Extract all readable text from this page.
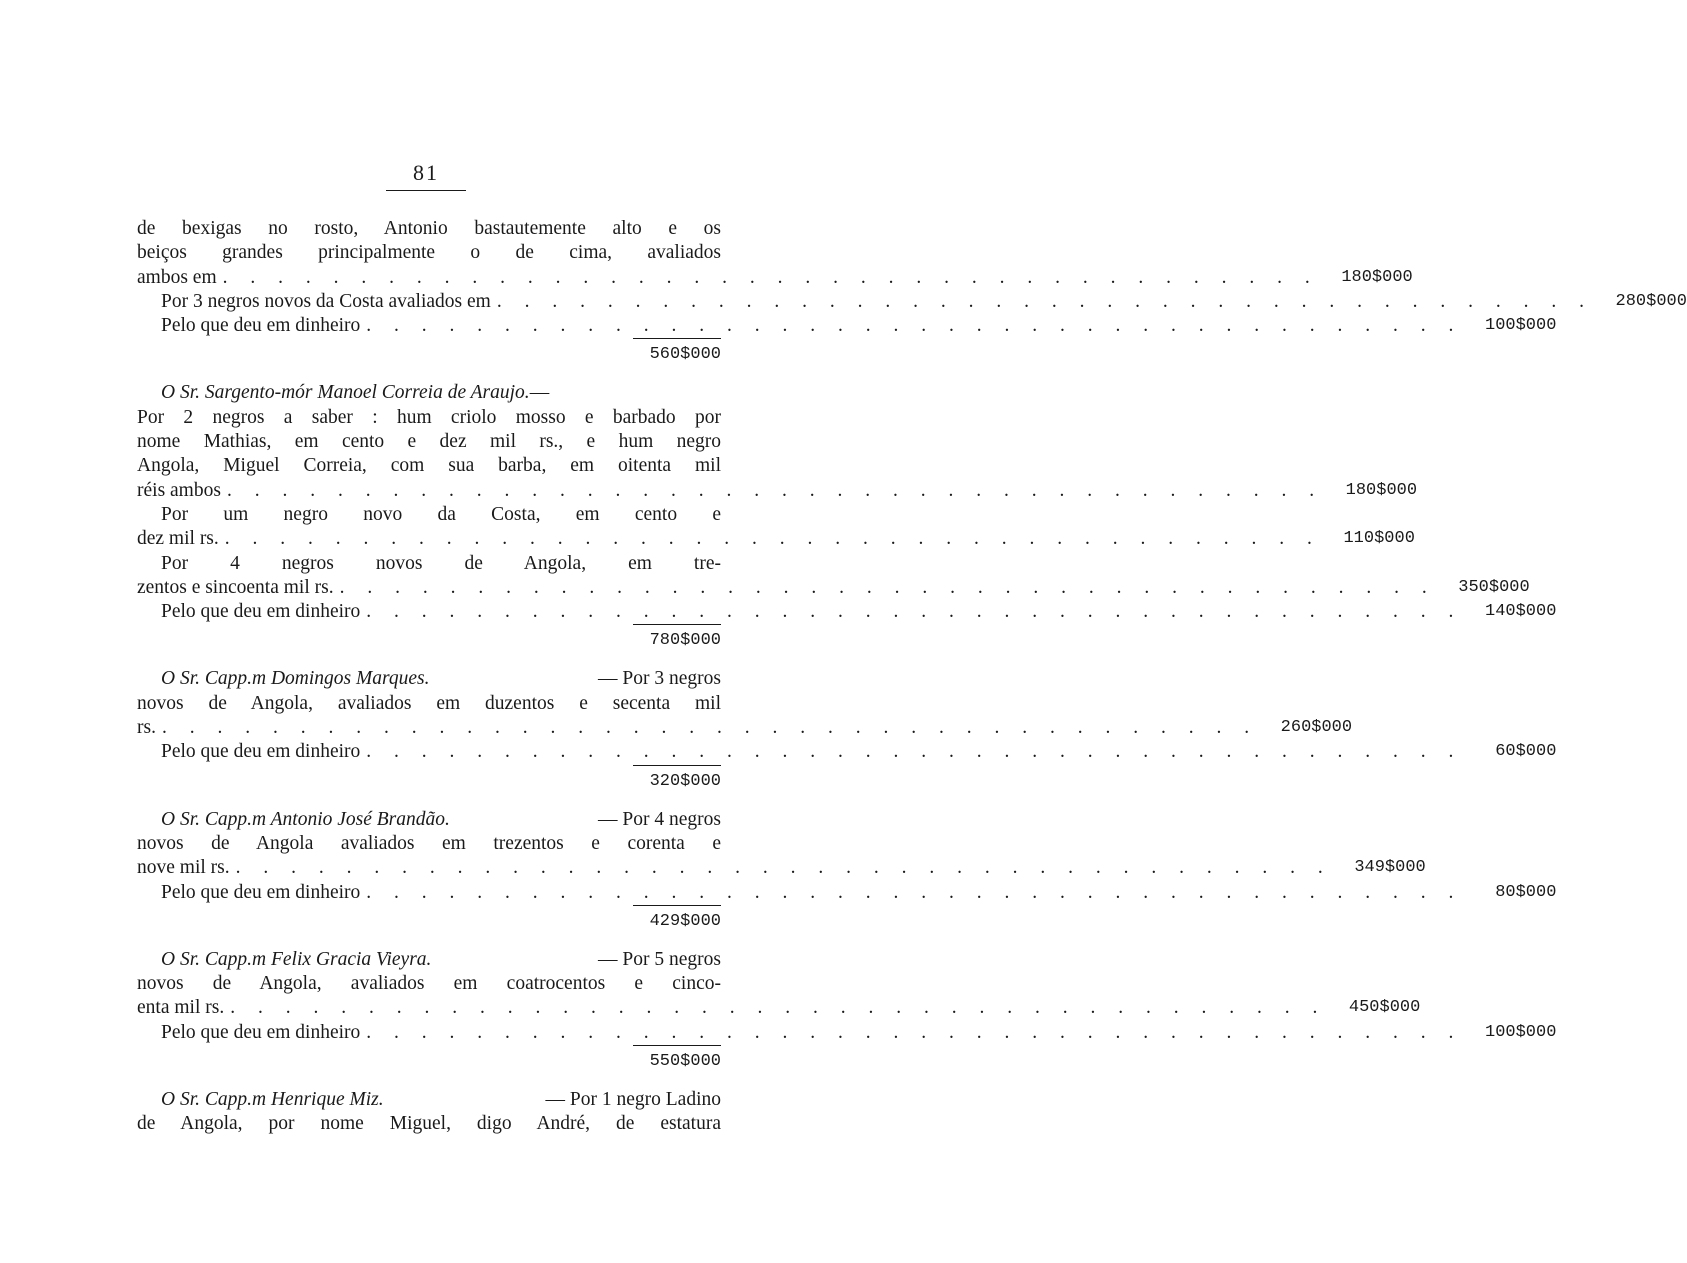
81
de bexigas no rosto, Antonio bastautemente alto e os
beiços grandes principalmente o de cima, avaliados
ambos em . . . . . . . . . . . . . . . . . . . . . . . . . . . . . . . . . . . . . . . .	180$000
Por 3 negros novos da Costa avaliados em . . . . . . . . . . . . . . . . . . . . . . . . . . . . . . . . . . . . . . . .	280$000
Pelo que deu em dinheiro . . . . . . . . . . . . . . . . . . . . . . . . . . . . . . . . . . . . . . . .	100$000
560$000
O Sr. Sargento-mór Manoel Correia de Araujo. —
Por 2 negros a saber : hum criolo mosso e barbado por
nome Mathias, em cento e dez mil rs., e hum negro
Angola, Miguel Correia, com sua barba, em oitenta mil
réis ambos . . . . . . . . . . . . . . . . . . . . . . . . . . . . . . . . . . . . . . . .	180$000
Por um negro novo da Costa, em cento e
dez mil rs. . . . . . . . . . . . . . . . . . . . . . . . . . . . . . . . . . . . . . . . .	110$000
Por 4 negros novos de Angola, em tre-
zentos e sincoenta mil rs. . . . . . . . . . . . . . . . . . . . . . . . . . . . . . . . . . . . . . . . .	350$000
Pelo que deu em dinheiro . . . . . . . . . . . . . . . . . . . . . . . . . . . . . . . . . . . . . . . .	140$000
780$000
O Sr. Capp.m Domingos Marques.	— Por 3 negros
novos de Angola, avaliados em duzentos e secenta mil
rs. . . . . . . . . . . . . . . . . . . . . . . . . . . . . . . . . . . . . . . . .	260$000
Pelo que deu em dinheiro . . . . . . . . . . . . . . . . . . . . . . . . . . . . . . . . . . . . . . . .	60$000
320$000
O Sr. Capp.m Antonio José Brandão.	— Por 4 negros
novos de Angola avaliados em trezentos e corenta e
nove mil rs. . . . . . . . . . . . . . . . . . . . . . . . . . . . . . . . . . . . . . . . .	349$000
Pelo que deu em dinheiro . . . . . . . . . . . . . . . . . . . . . . . . . . . . . . . . . . . . . . . .	80$000
429$000
O Sr. Capp.m Felix Gracia Vieyra.	— Por 5 negros
novos de Angola, avaliados em coatrocentos e cinco-
enta mil rs. . . . . . . . . . . . . . . . . . . . . . . . . . . . . . . . . . . . . . . . .	450$000
Pelo que deu em dinheiro . . . . . . . . . . . . . . . . . . . . . . . . . . . . . . . . . . . . . . . .	100$000
550$000
O Sr. Capp.m Henrique Miz.	— Por 1 negro Ladino
de Angola, por nome Miguel, digo André, de estatura
